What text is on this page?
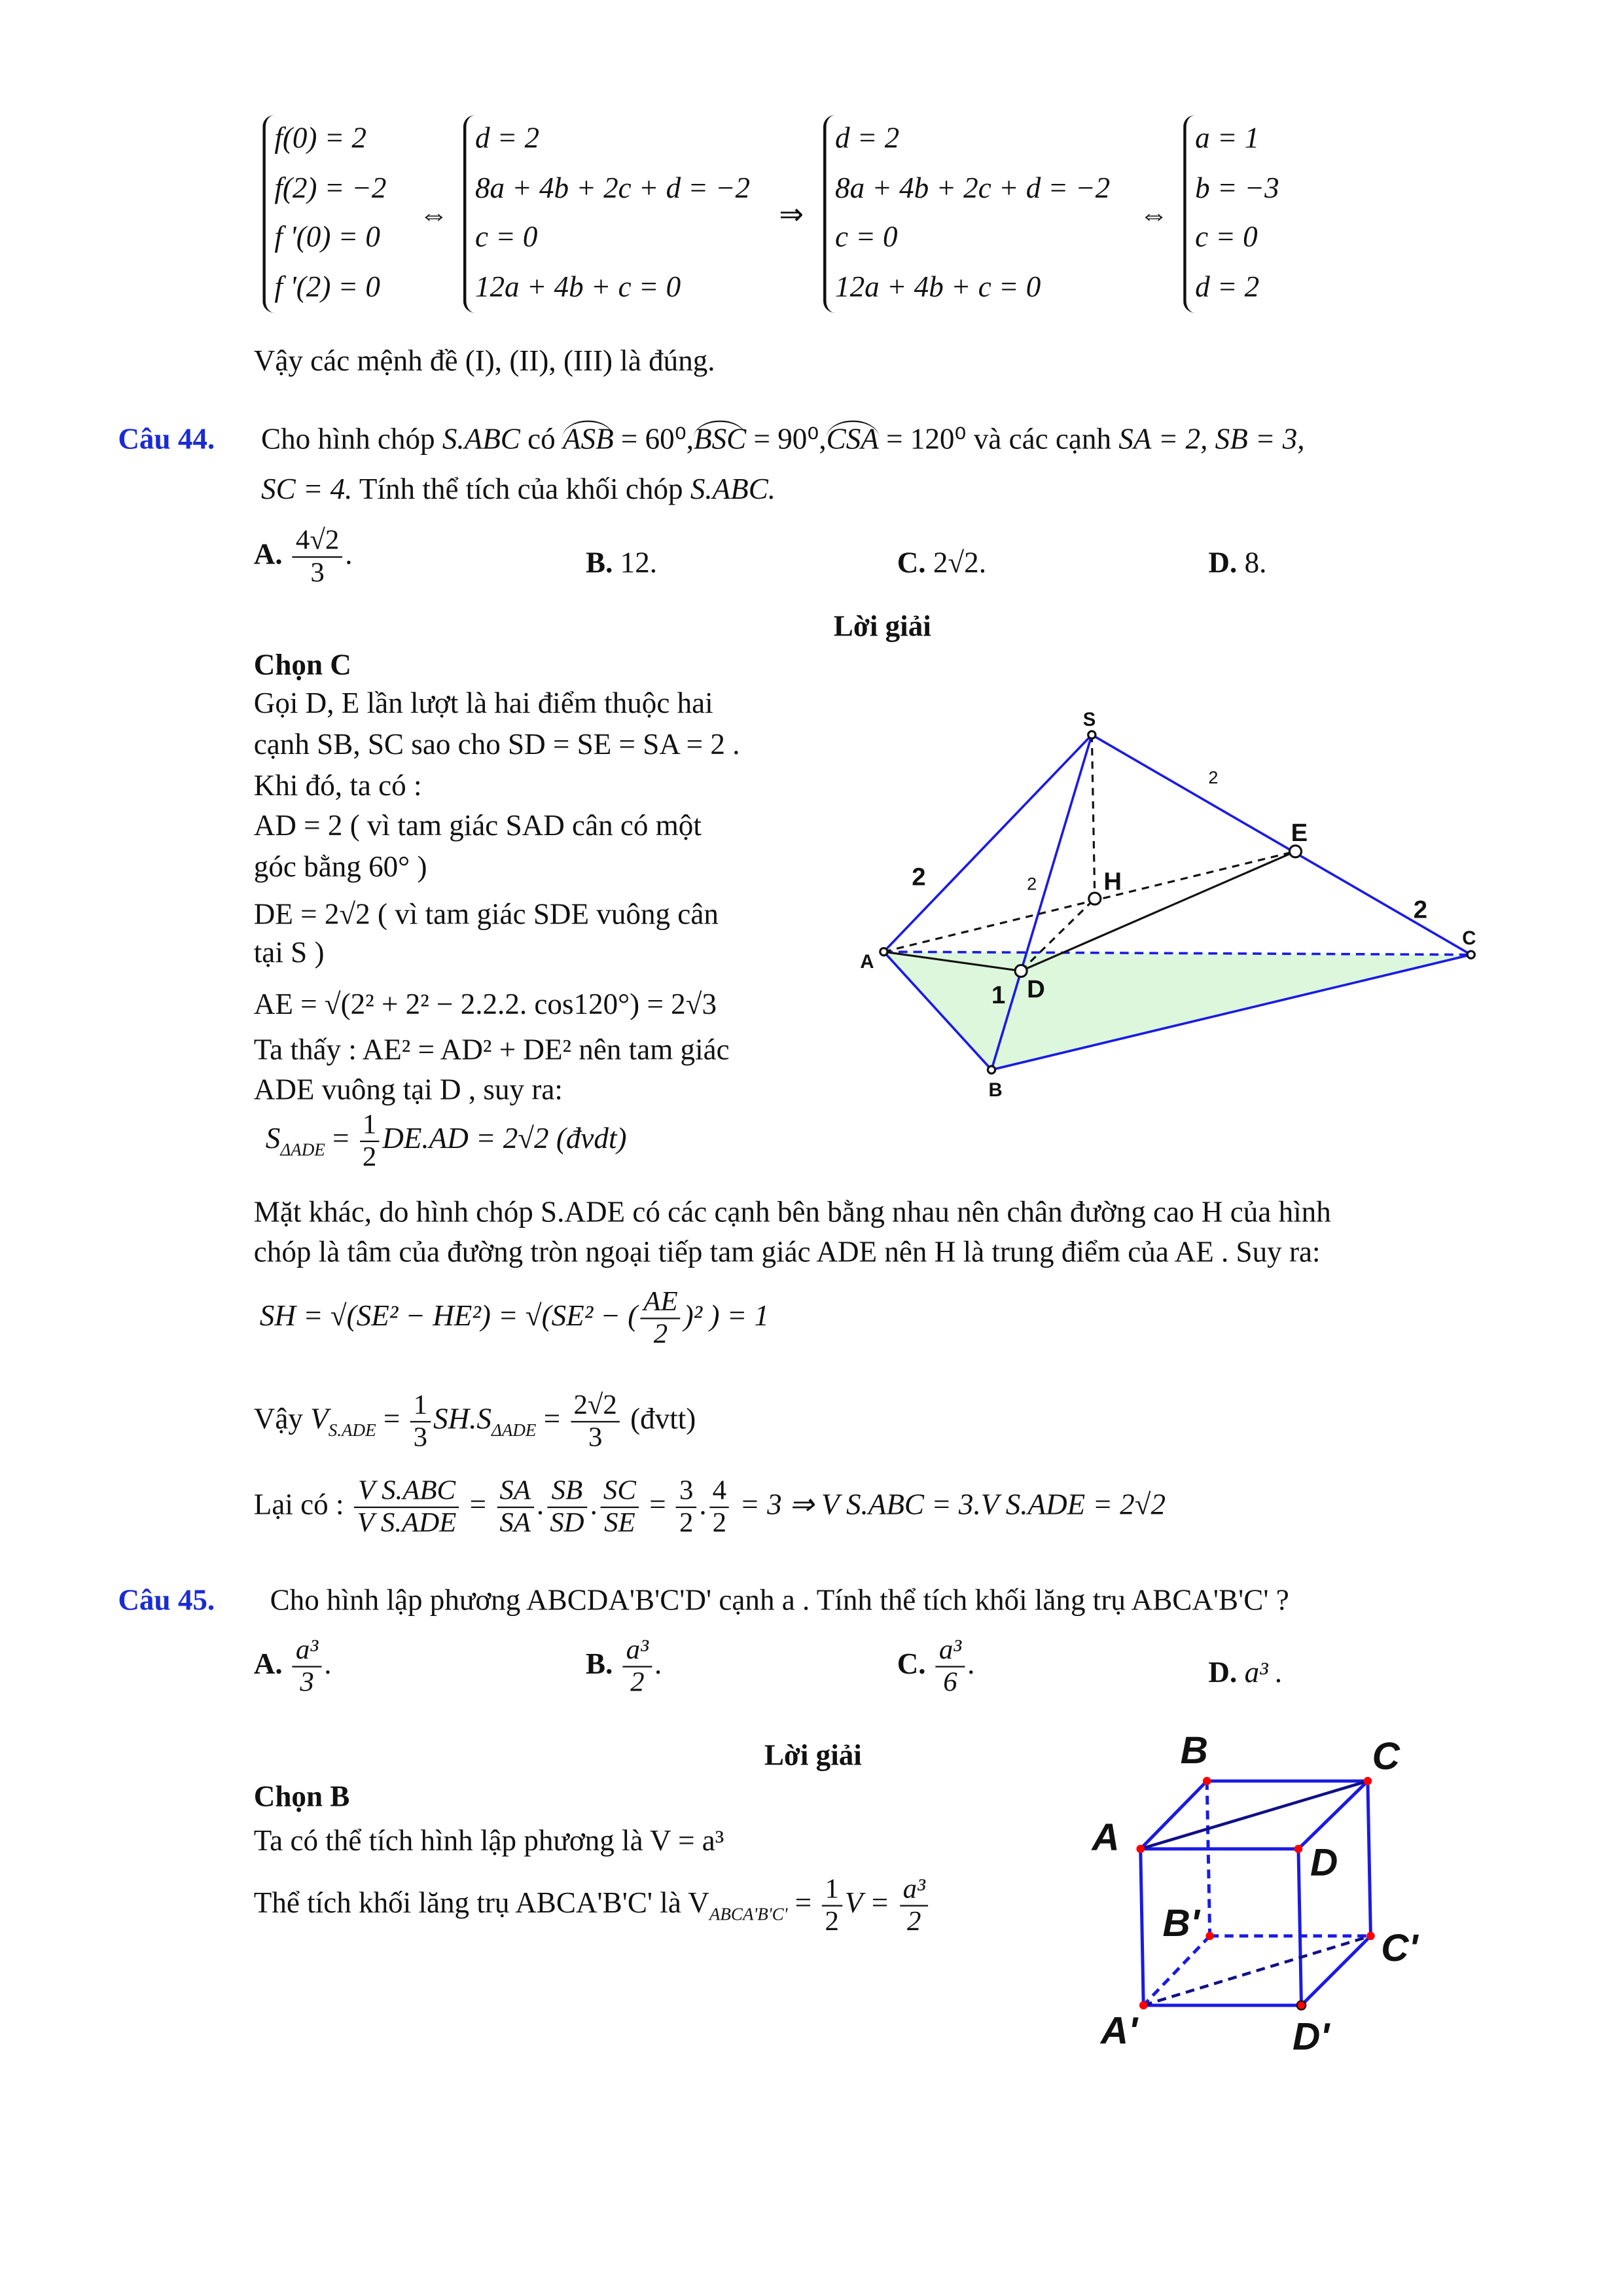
f(0) = 2
f(2) = −2
f '(0) = 0
f '(2) = 0
⇔
d = 2
8a + 4b + 2c + d = −2
c = 0
12a + 4b + c = 0
⇒
d = 2
8a + 4b + 2c + d = −2
c = 0
12a + 4b + c = 0
⇔
a = 1
b = −3
c = 0
d = 2
Vậy các mệnh đề (I), (II), (III) là đúng.
Câu 44.	Cho hình chóp S.ABC có ASB = 60⁰,BSC = 90⁰,CSA = 120⁰ và các cạnh SA = 2, SB = 3,
SC = 4. Tính thể tích của khối chóp S.ABC.
A. $\frac{4√2}{3}$ .	B. 12.	C. 2√2.	D. 8.
Lời giải
Chọn C
Gọi D, E lần lượt là hai điểm thuộc hai
cạnh SB, SC sao cho SD = SE = SA = 2 .
Khi đó, ta có :
AD = 2 ( vì tam giác SAD cân có một
góc bằng 60° )
DE = 2√2 ( vì tam giác SDE vuông cân
tại S )
AE = √(2² + 2² − 2.2.2. cos120°) = 2√3
Ta thấy : AE² = AD² + DE² nên tam giác
ADE vuông tại D , suy ra:
$S_{\Delta ADE} = \frac{1}{2} DE.AD = 2√2$ (đvdt)
Mặt khác, do hình chóp S.ADE có các cạnh bên bằng nhau nên chân đường cao H của hình
chóp là tâm của đường tròn ngoại tiếp tam giác ADE nên H là trung điểm của AE . Suy ra:
SH = √(SE² − HE²) = √(SE² − ( $\frac{AE}{2} )^2$ ) = 1
Vậy $V_{S.ADE} = \frac{1}{3} SH.S_{\Delta ADE} = \frac{2√2}{3}$ (đvtt)
Lại có : $\frac{\text{V S.ABC}}{\text{V S.ADE}} = \frac{SA}{SA}$ . $\frac{SB}{SD}$ . $\frac{SC}{SE} = \frac{3}{2}$ . $\frac{4}{2} = 3$ ⇒ V S.ABC = 3.V S.ADE = 2√2
S
A
B
C
D
E
H
2
2
1
2
2
Câu 45.	Cho hình lập phương ABCDA'B'C'D' cạnh a . Tính thể tích khối lăng trụ ABCA'B'C' ?
A. $\frac{\text{a³}}{3}$ .	B. $\frac{\text{a³}}{2}$ .	C. $\frac{\text{a³}}{6}$ .	D. a³ .
Lời giải
Chọn B
Ta có thể tích hình lập phương là V = a³
Thể tích khối lăng trụ ABCA'B'C' là $V_{ABCA'B'C'} = \frac{1}{2}$ $V = \frac{\text{a³}}{2}$
B	C
A
D
B'
C'
A'	D'
